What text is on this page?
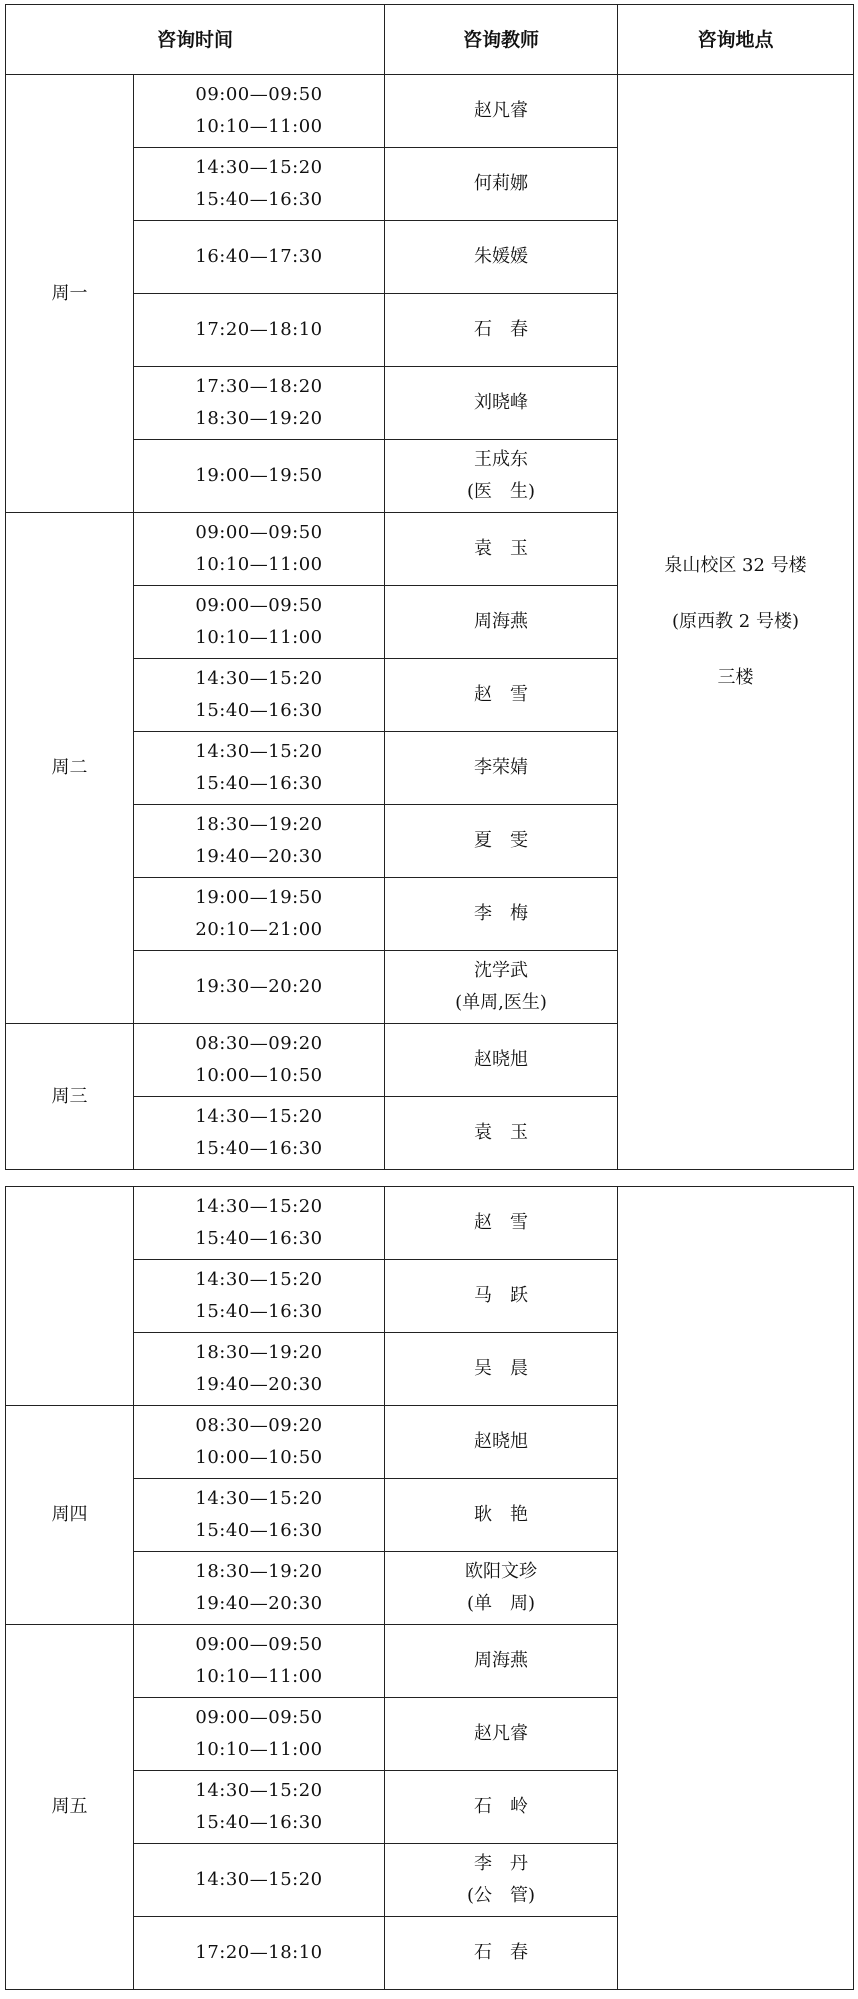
咨询时间		咨询教师	咨询地点
周一	09:00—09:50
10:10—11:00	赵凡睿	泉山校区 32 号楼
(原西教 2 号楼)
三楼

	14:30—15:20
15:40—16:30	何莉娜	

	16:40—17:30	朱媛媛	

	17:20—18:10	石　春	

	17:30—18:20
18:30—19:20	刘晓峰	

	19:00—19:50	王成东
(医　生)	

周二	09:00—09:50
10:10—11:00	袁　玉	

	09:00—09:50
10:10—11:00	周海燕	

	14:30—15:20
15:40—16:30	赵　雪	

	14:30—15:20
15:40—16:30	李荣婧	

	18:30—19:20
19:40—20:30	夏　雯	

	19:00—19:50
20:10—21:00	李　梅	

	19:30—20:20	沈学武
(单周,医生)	

周三	08:30—09:20
10:00—10:50	赵晓旭	

	14:30—15:20
15:40—16:30	袁　玉	

	14:30—15:20
15:40—16:30	赵　雪	

	14:30—15:20
15:40—16:30	马　跃	

	18:30—19:20
19:40—20:30	吴　晨	

周四	08:30—09:20
10:00—10:50	赵晓旭	

	14:30—15:20
15:40—16:30	耿　艳	

	18:30—19:20
19:40—20:30	欧阳文珍
(单　周)	

周五	09:00—09:50
10:10—11:00	周海燕	

	09:00—09:50
10:10—11:00	赵凡睿	

	14:30—15:20
15:40—16:30	石　岭	

	14:30—15:20	李　丹
(公　管)	

	17:20—18:10	石　春	
